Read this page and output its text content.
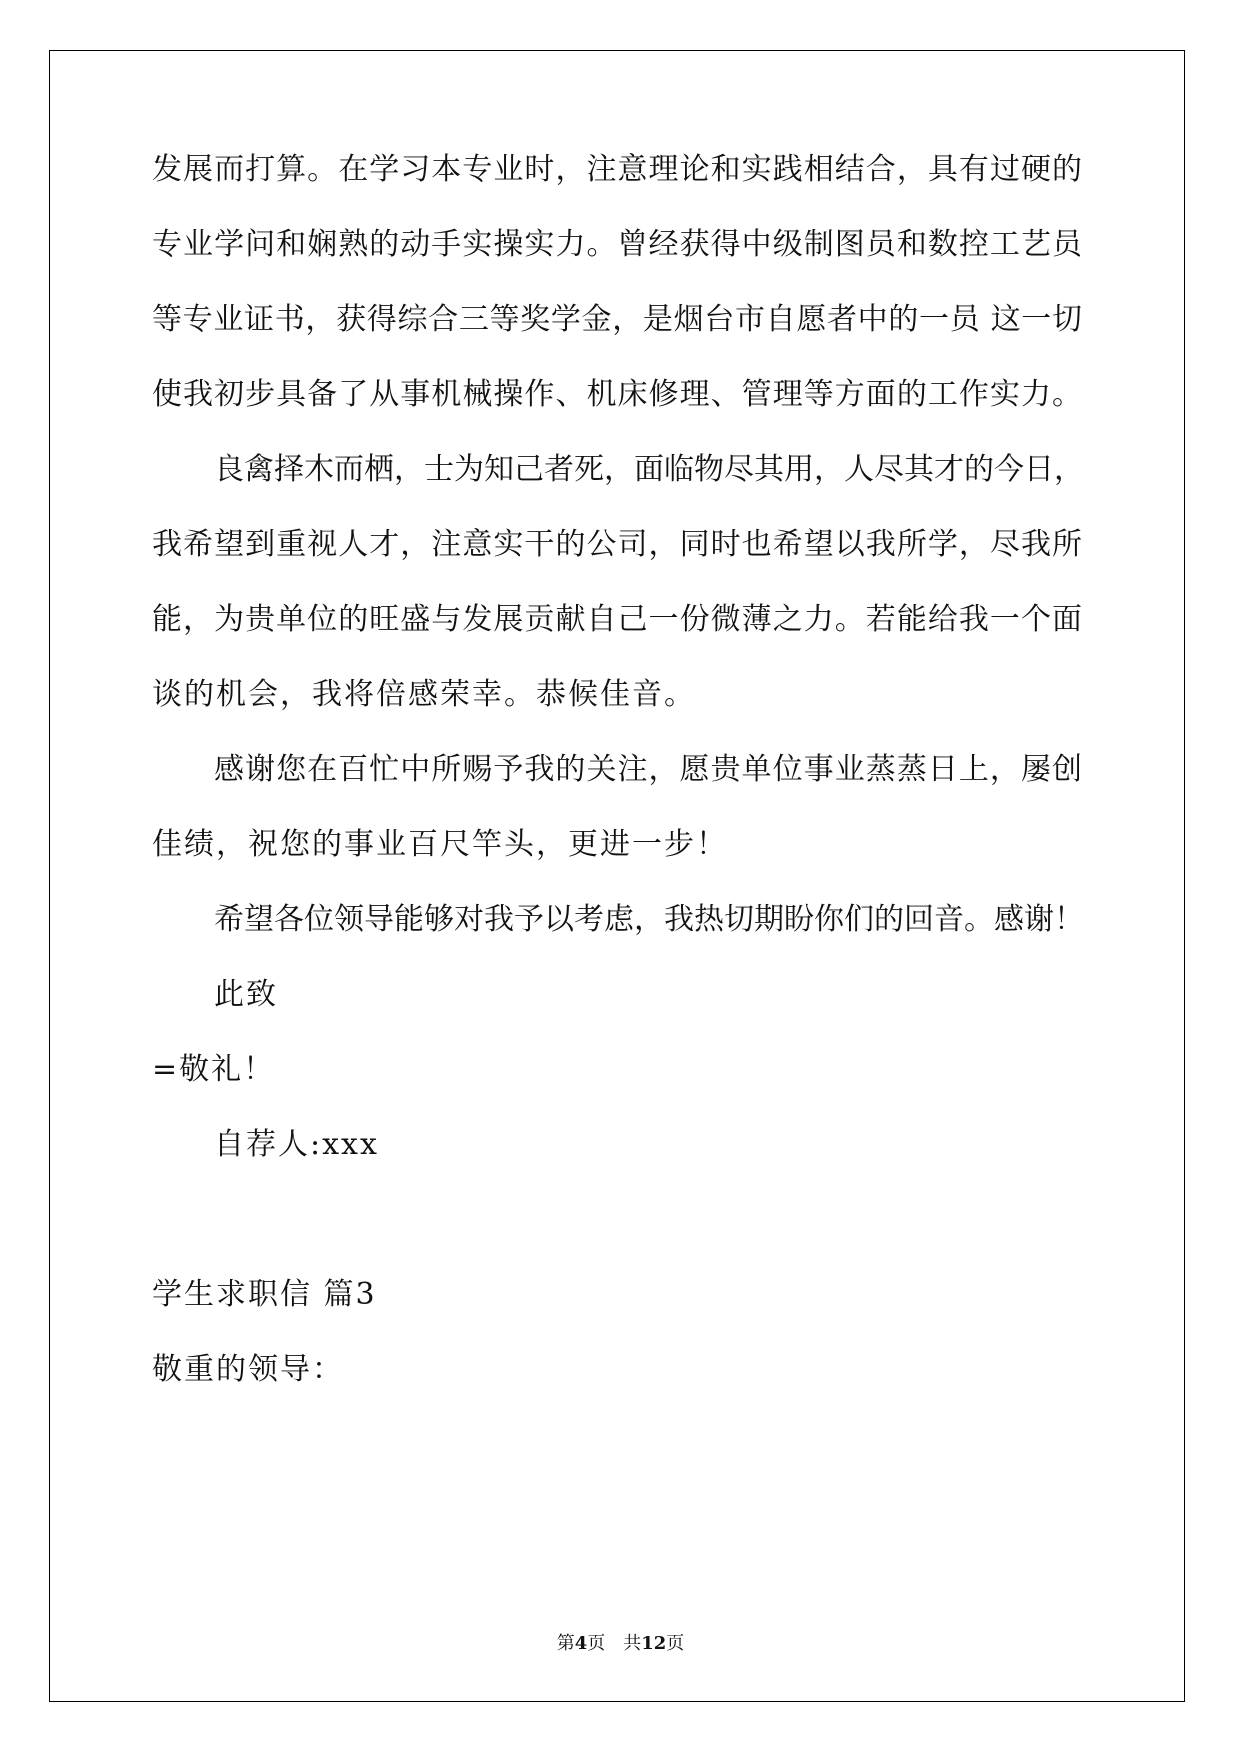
发展而打算。在学习本专业时，注意理论和实践相结合，具有过硬的

专业学问和娴熟的动手实操实力。曾经获得中级制图员和数控工艺员

等专业证书，获得综合三等奖学金，是烟台市自愿者中的一员 这一切

使我初步具备了从事机械操作、机床修理、管理等方面的工作实力。

良禽择木而栖，士为知己者死，面临物尽其用，人尽其才的今日，

我希望到重视人才，注意实干的公司，同时也希望以我所学，尽我所

能，为贵单位的旺盛与发展贡献自己一份微薄之力。若能给我一个面

谈的机会，我将倍感荣幸。恭候佳音。

感谢您在百忙中所赐予我的关注，愿贵单位事业蒸蒸日上，屡创

佳绩，祝您的事业百尺竿头，更进一步！

希望各位领导能够对我予以考虑，我热切期盼你们的回音。感谢！

此致

=敬礼！

自荐人:xxx

学生求职信 篇3

敬重的领导：

第4页 共12页
